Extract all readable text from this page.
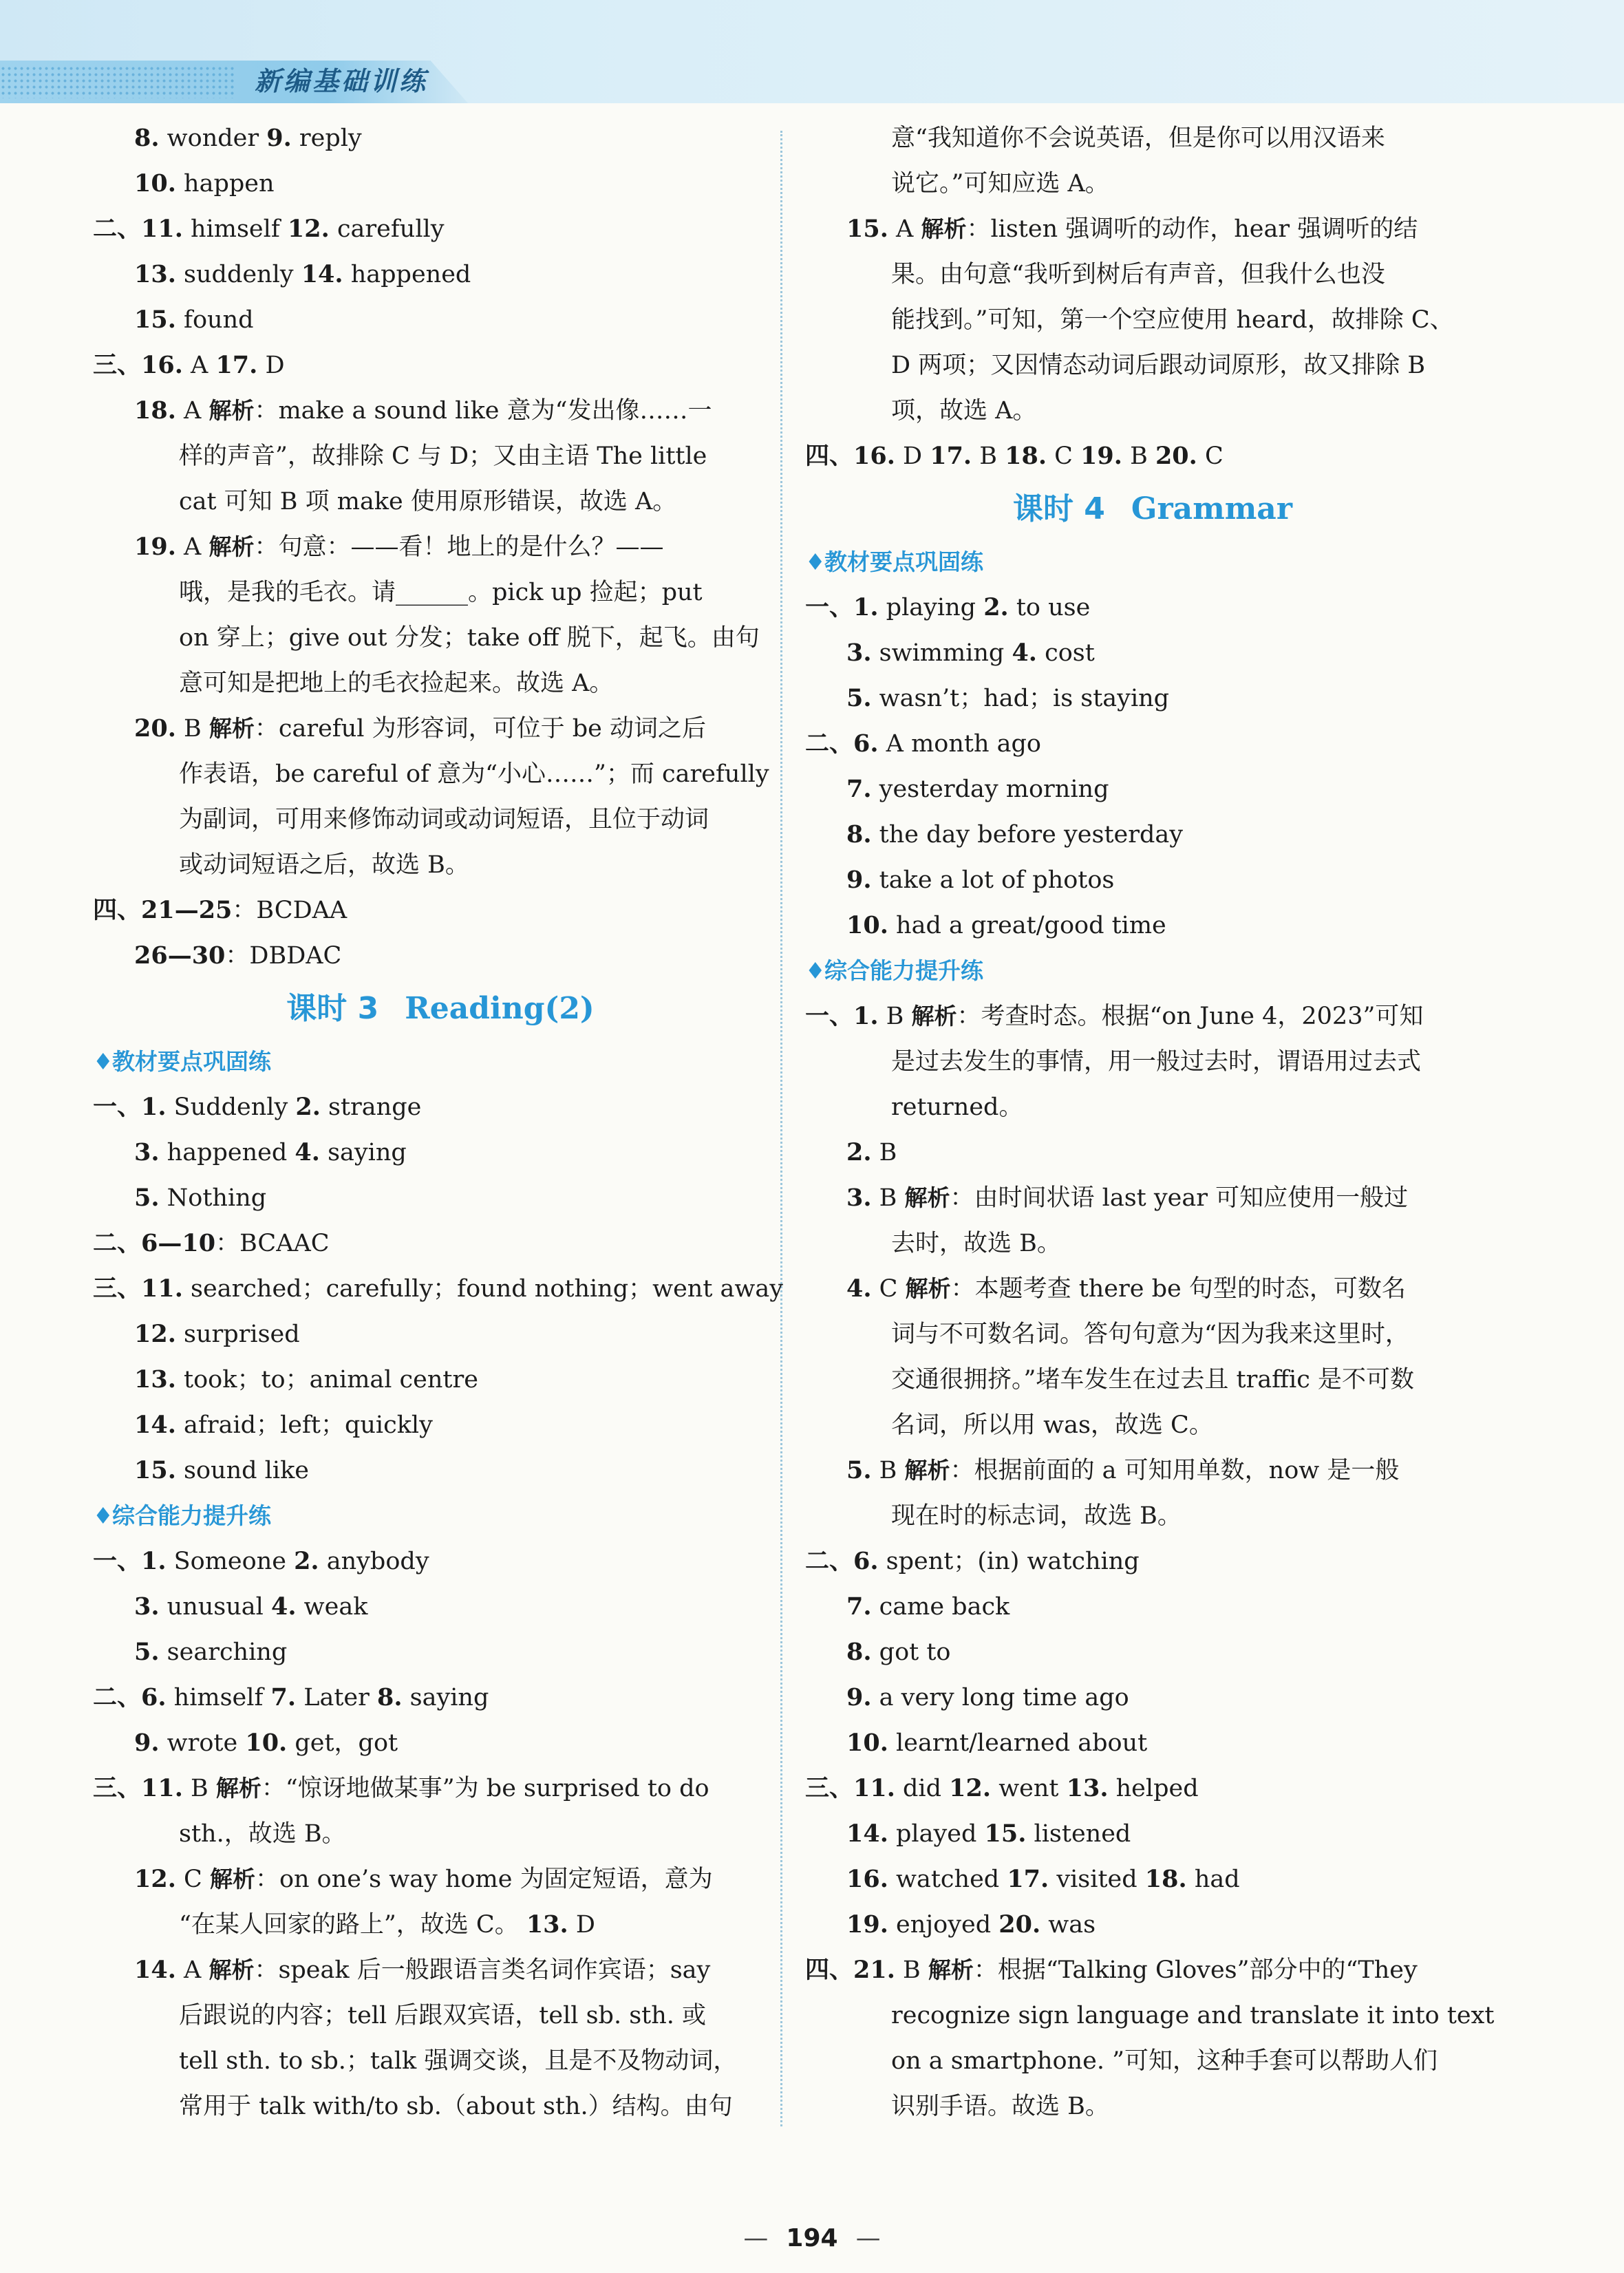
新编基础训练
8. wonder 9. reply
10. happen
二、11. himself 12. carefully
13. suddenly 14. happened
15. found
三、16. A 17. D
18. A 解析：make a sound like 意为“发出像……一
样的声音”，故排除 C 与 D；又由主语 The little
cat 可知 B 项 make 使用原形错误，故选 A。
19. A 解析：句意：——看！地上的是什么？——
哦，是我的毛衣。请______。pick up 捡起；put
on 穿上；give out 分发；take off 脱下，起飞。由句
意可知是把地上的毛衣捡起来。故选 A。
20. B 解析：careful 为形容词，可位于 be 动词之后
作表语，be careful of 意为“小心……”；而 carefully
为副词，可用来修饰动词或动词短语，且位于动词
或动词短语之后，故选 B。
四、21—25：BCDAA
26—30：DBDAC
课时 3 Reading(2)
♦教材要点巩固练
一、1. Suddenly 2. strange
3. happened 4. saying
5. Nothing
二、6—10：BCAAC
三、11. searched；carefully；found nothing；went away
12. surprised
13. took；to；animal centre
14. afraid；left；quickly
15. sound like
♦综合能力提升练
一、1. Someone 2. anybody
3. unusual 4. weak
5. searching
二、6. himself 7. Later 8. saying
9. wrote 10. get，got
三、11. B 解析：“惊讶地做某事”为 be surprised to do
sth.，故选 B。
12. C 解析：on one’s way home 为固定短语，意为
“在某人回家的路上”，故选 C。 13. D
14. A 解析：speak 后一般跟语言类名词作宾语；say
后跟说的内容；tell 后跟双宾语，tell sb. sth. 或
tell sth. to sb.；talk 强调交谈，且是不及物动词，
常用于 talk with/to sb.（about sth.）结构。由句
意“我知道你不会说英语，但是你可以用汉语来
说它。”可知应选 A。
15. A 解析：listen 强调听的动作，hear 强调听的结
果。由句意“我听到树后有声音，但我什么也没
能找到。”可知，第一个空应使用 heard，故排除 C、
D 两项；又因情态动词后跟动词原形，故又排除 B
项，故选 A。
四、16. D 17. B 18. C 19. B 20. C
课时 4 Grammar
♦教材要点巩固练
一、1. playing 2. to use
3. swimming 4. cost
5. wasn’t；had；is staying
二、6. A month ago
7. yesterday morning
8. the day before yesterday
9. take a lot of photos
10. had a great/good time
♦综合能力提升练
一、1. B 解析：考查时态。根据“on June 4，2023”可知
是过去发生的事情，用一般过去时，谓语用过去式
returned。
2. B
3. B 解析：由时间状语 last year 可知应使用一般过
去时，故选 B。
4. C 解析：本题考查 there be 句型的时态，可数名
词与不可数名词。答句句意为“因为我来这里时，
交通很拥挤。”堵车发生在过去且 traffic 是不可数
名词，所以用 was，故选 C。
5. B 解析：根据前面的 a 可知用单数，now 是一般
现在时的标志词，故选 B。
二、6. spent；(in) watching
7. came back
8. got to
9. a very long time ago
10. learnt/learned about
三、11. did 12. went 13. helped
14. played 15. listened
16. watched 17. visited 18. had
19. enjoyed 20. was
四、21. B 解析：根据“Talking Gloves”部分中的“They
recognize sign language and translate it into text
on a smartphone. ”可知，这种手套可以帮助人们
识别手语。故选 B。
— 194 —
